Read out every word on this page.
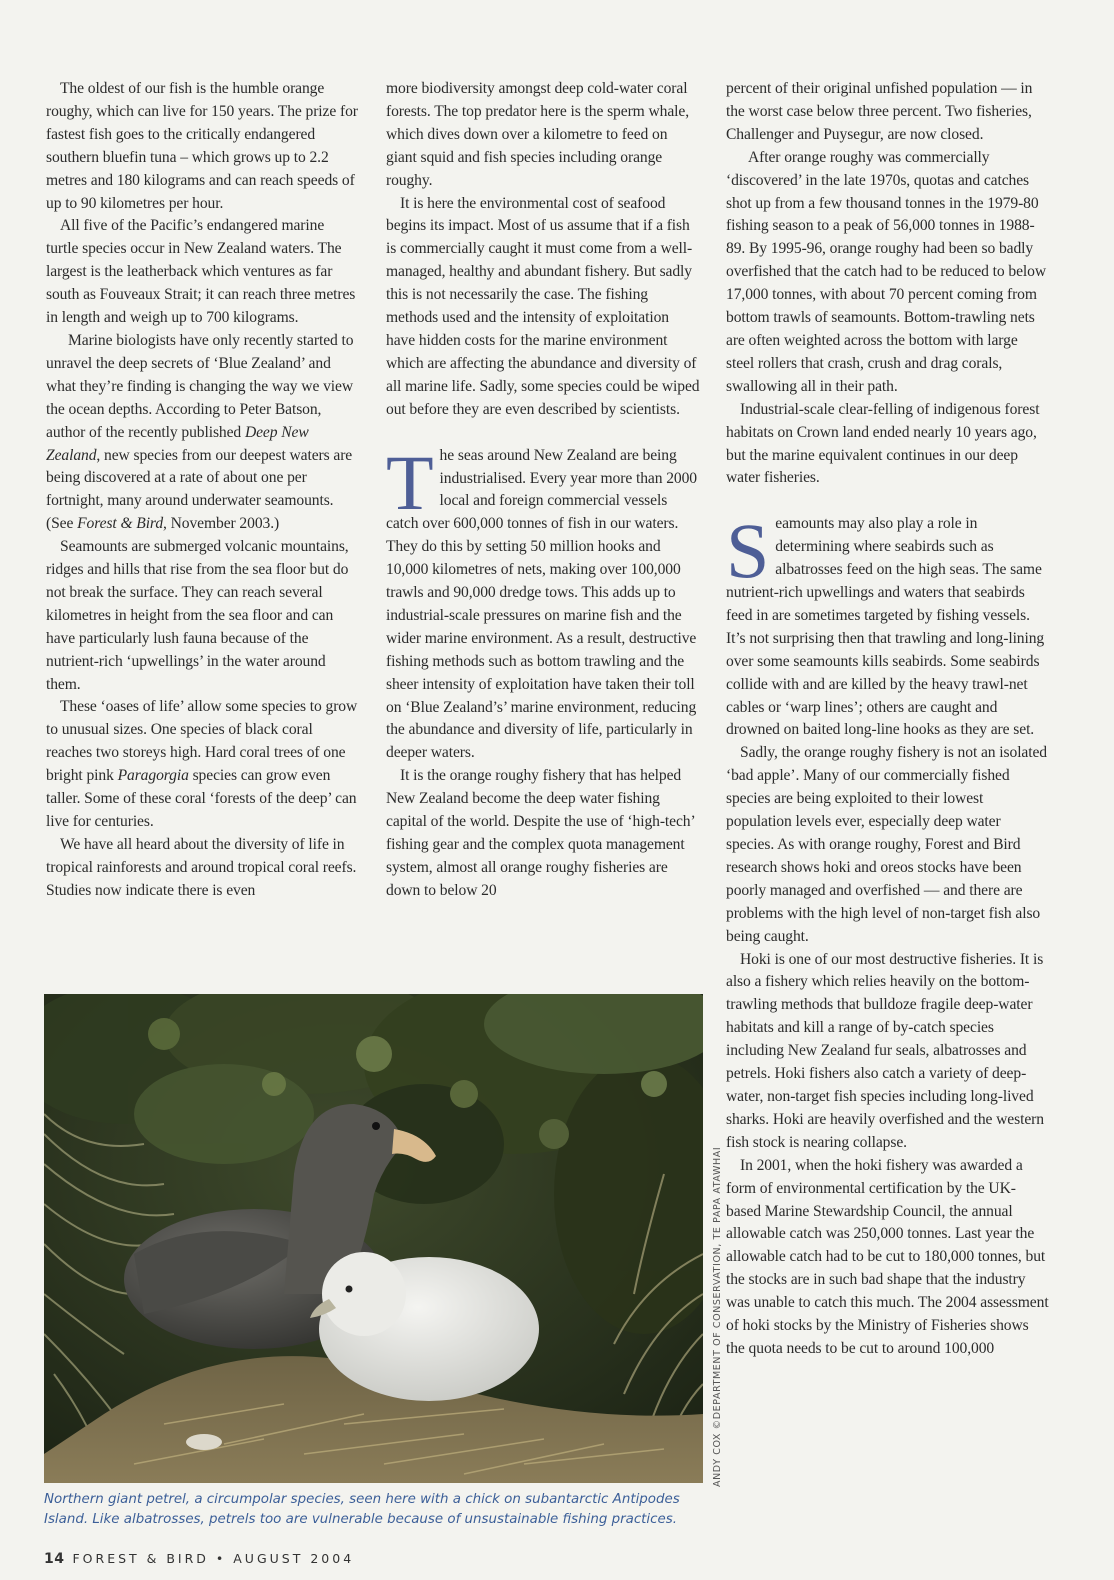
The oldest of our fish is the humble orange roughy, which can live for 150 years. The prize for fastest fish goes to the critically endangered southern bluefin tuna – which grows up to 2.2 metres and 180 kilograms and can reach speeds of up to 90 kilometres per hour.

All five of the Pacific’s endangered marine turtle species occur in New Zealand waters. The largest is the leatherback which ventures as far south as Fouveaux Strait; it can reach three metres in length and weigh up to 700 kilograms.

Marine biologists have only recently started to unravel the deep secrets of ‘Blue Zealand’ and what they’re finding is changing the way we view the ocean depths. According to Peter Batson, author of the recently published Deep New Zealand, new species from our deepest waters are being discovered at a rate of about one per fortnight, many around underwater seamounts. (See Forest & Bird, November 2003.)

Seamounts are submerged volcanic mountains, ridges and hills that rise from the sea floor but do not break the surface. They can reach several kilometres in height from the sea floor and can have particularly lush fauna because of the nutrient-rich ‘upwellings’ in the water around them.

These ‘oases of life’ allow some species to grow to unusual sizes. One species of black coral reaches two storeys high. Hard coral trees of one bright pink Paragorgia species can grow even taller. Some of these coral ‘forests of the deep’ can live for centuries.

We have all heard about the diversity of life in tropical rainforests and around tropical coral reefs. Studies now indicate there is even

more biodiversity amongst deep cold-water coral forests. The top predator here is the sperm whale, which dives down over a kilometre to feed on giant squid and fish species including orange roughy.

It is here the environmental cost of seafood begins its impact. Most of us assume that if a fish is commercially caught it must come from a well-managed, healthy and abundant fishery. But sadly this is not necessarily the case. The fishing methods used and the intensity of exploitation have hidden costs for the marine environment which are affecting the abundance and diversity of all marine life. Sadly, some species could be wiped out before they are even described by scientists.

The seas around New Zealand are being industrialised. Every year more than 2000 local and foreign commercial vessels catch over 600,000 tonnes of fish in our waters. They do this by setting 50 million hooks and 10,000 kilometres of nets, making over 100,000 trawls and 90,000 dredge tows. This adds up to industrial-scale pressures on marine fish and the wider marine environment. As a result, destructive fishing methods such as bottom trawling and the sheer intensity of exploitation have taken their toll on ‘Blue Zealand’s’ marine environment, reducing the abundance and diversity of life, particularly in deeper waters.

It is the orange roughy fishery that has helped New Zealand become the deep water fishing capital of the world. Despite the use of ‘high-tech’ fishing gear and the complex quota management system, almost all orange roughy fisheries are down to below 20

percent of their original unfished population — in the worst case below three percent. Two fisheries, Challenger and Puysegur, are now closed.

After orange roughy was commercially ‘discovered’ in the late 1970s, quotas and catches shot up from a few thousand tonnes in the 1979-80 fishing season to a peak of 56,000 tonnes in 1988-89. By 1995-96, orange roughy had been so badly overfished that the catch had to be reduced to below 17,000 tonnes, with about 70 percent coming from bottom trawls of seamounts. Bottom-trawling nets are often weighted across the bottom with large steel rollers that crash, crush and drag corals, swallowing all in their path.

Industrial-scale clear-felling of indigenous forest habitats on Crown land ended nearly 10 years ago, but the marine equivalent continues in our deep water fisheries.

Seamounts may also play a role in determining where seabirds such as albatrosses feed on the high seas. The same nutrient-rich upwellings and waters that seabirds feed in are sometimes targeted by fishing vessels. It’s not surprising then that trawling and long-lining over some seamounts kills seabirds. Some seabirds collide with and are killed by the heavy trawl-net cables or ‘warp lines’; others are caught and drowned on baited long-line hooks as they are set.

Sadly, the orange roughy fishery is not an isolated ‘bad apple’. Many of our commercially fished species are being exploited to their lowest population levels ever, especially deep water species. As with orange roughy, Forest and Bird research shows hoki and oreos stocks have been poorly managed and overfished — and there are problems with the high level of non-target fish also being caught.

Hoki is one of our most destructive fisheries. It is also a fishery which relies heavily on the bottom-trawling methods that bulldoze fragile deep-water habitats and kill a range of by-catch species including New Zealand fur seals, albatrosses and petrels. Hoki fishers also catch a variety of deep-water, non-target fish species including long-lived sharks. Hoki are heavily overfished and the western fish stock is nearing collapse.

In 2001, when the hoki fishery was awarded a form of environmental certification by the UK-based Marine Stewardship Council, the annual allowable catch was 250,000 tonnes. Last year the allowable catch had to be cut to 180,000 tonnes, but the stocks are in such bad shape that the industry was unable to catch this much. The 2004 assessment of hoki stocks by the Ministry of Fisheries shows the quota needs to be cut to around 100,000

ANDY COX ©DEPARTMENT OF CONSERVATION, TE PAPA ATAWHAI
Northern giant petrel, a circumpolar species, seen here with a chick on subantarctic Antipodes Island. Like albatrosses, petrels too are vulnerable because of unsustainable fishing practices.
14 FOREST & BIRD • AUGUST 2004
